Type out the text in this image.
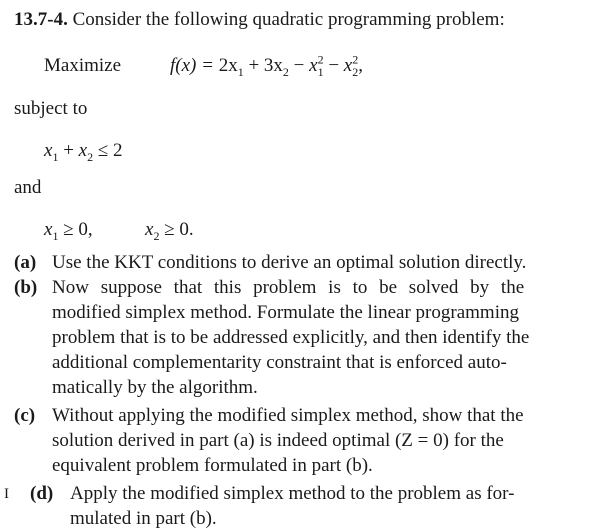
13.7-4. Consider the following quadratic programming problem:
Maximize	$f(x) = 2x_1 + 3x_2 - x^2_1 - x^2_2$,
subject to
$x_1 + x_2 \le 2$
and
$x_1 \ge 0$,	$x_2 \ge 0$.
(a) Use the KKT conditions to derive an optimal solution directly.
(b) Now suppose that this problem is to be solved by the
modified simplex method. Formulate the linear programming
problem that is to be addressed explicitly, and then identify the
additional complementarity constraint that is enforced auto-
matically by the algorithm.
(c) Without applying the modified simplex method, show that the
solution derived in part (a) is indeed optimal (Z = 0) for the
equivalent problem formulated in part (b).
I (d) Apply the modified simplex method to the problem as for-
mulated in part (b).
